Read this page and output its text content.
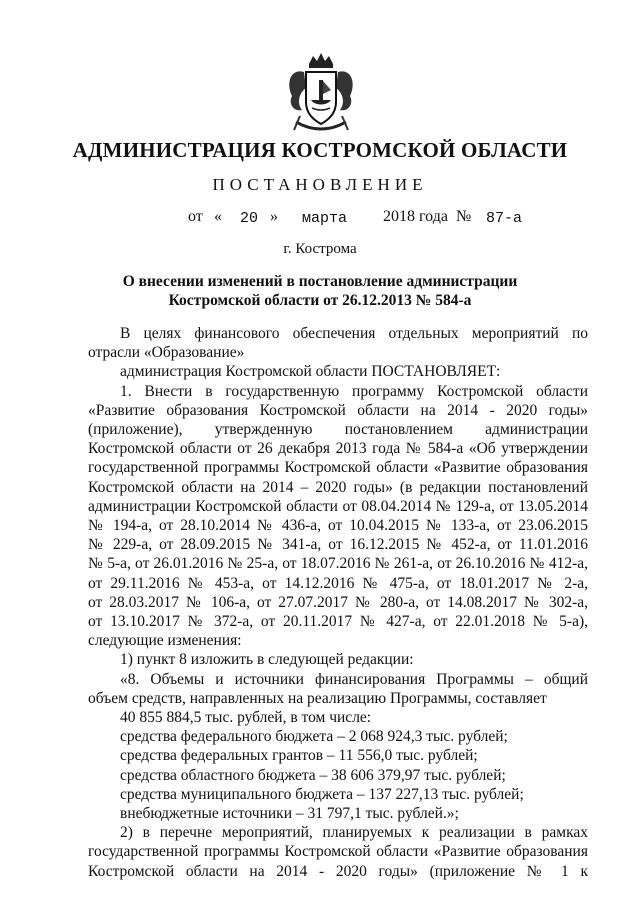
АДМИНИСТРАЦИЯ КОСТРОМСКОЙ ОБЛАСТИ
ПОСТАНОВЛЕНИЕ
от « 20 » марта 2018 года № 87-а
г. Кострома
О внесении изменений в постановление администрации
Костромской области от 26.12.2013 № 584-а

В целях финансового обеспечения отдельных мероприятий по

отрасли «Образование»

администрация Костромской области ПОСТАНОВЛЯЕТ:

1. Внести в государственную программу Костромской области

«Развитие образования Костромской области на 2014 - 2020 годы»

(приложение), утвержденную постановлением администрации

Костромской области от 26 декабря 2013 года № 584-а «Об утверждении

государственной программы Костромской области «Развитие образования

Костромской области на 2014 – 2020 годы» (в редакции постановлений

администрации Костромской области от 08.04.2014 № 129-а, от 13.05.2014

№ 194-а, от 28.10.2014 № 436-а, от 10.04.2015 № 133-а, от 23.06.2015

№ 229-а, от 28.09.2015 № 341-а, от 16.12.2015 № 452-а, от 11.01.2016

№ 5-а, от 26.01.2016 № 25-а, от 18.07.2016 № 261-а, от 26.10.2016 № 412-а,

от 29.11.2016 № 453-а, от 14.12.2016 № 475-а, от 18.01.2017 № 2-а,

от 28.03.2017 № 106-а, от 27.07.2017 № 280-а, от 14.08.2017 № 302-а,

от 13.10.2017 № 372-а, от 20.11.2017 № 427-а, от 22.01.2018 № 5-а),

следующие изменения:

1) пункт 8 изложить в следующей редакции:

«8. Объемы и источники финансирования Программы – общий

объем средств, направленных на реализацию Программы, составляет

40 855 884,5 тыс. рублей, в том числе:

средства федерального бюджета – 2 068 924,3 тыс. рублей;

средства федеральных грантов – 11 556,0 тыс. рублей;

средства областного бюджета – 38 606 379,97 тыс. рублей;

средства муниципального бюджета – 137 227,13 тыс. рублей;

внебюджетные источники – 31 797,1 тыс. рублей.»;

2) в перечне мероприятий, планируемых к реализации в рамках

государственной программы Костромской области «Развитие образования

Костромской области на 2014 - 2020 годы» (приложение № 1 к
